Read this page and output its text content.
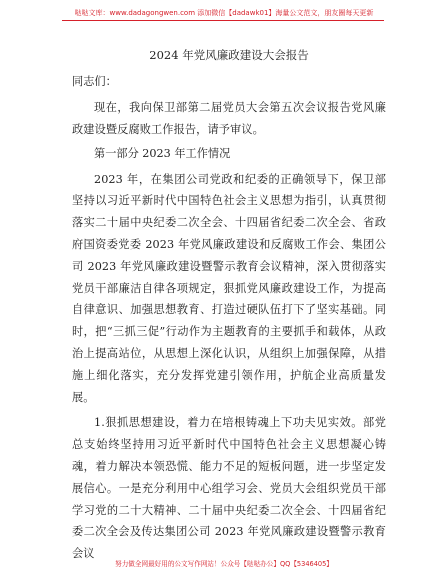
哒哒文库：www.dadagongwen.com 添加微信【dadawk01】海量公文范文，朋友圈每天更新
2024 年党风廉政建设大会报告
同志们：

现在，我向保卫部第二届党员大会第五次会议报告党风廉政建设暨反腐败工作报告，请予审议。

第一部分 2023 年工作情况

2023 年，在集团公司党政和纪委的正确领导下，保卫部坚持以习近平新时代中国特色社会主义思想为指引，认真贯彻落实二十届中央纪委二次全会、十四届省纪委二次全会、省政府国资委党委 2023 年党风廉政建设和反腐败工作会、集团公司 2023 年党风廉政建设暨警示教育会议精神，深入贯彻落实党员干部廉洁自律各项规定，狠抓党风廉政建设工作，为提高自律意识、加强思想教育、打造过硬队伍打下了坚实基础。同时，把“三抓三促”行动作为主题教育的主要抓手和载体，从政治上提高站位，从思想上深化认识，从组织上加强保障，从措施上细化落实，充分发挥党建引领作用，护航企业高质量发展。

1.狠抓思想建设，着力在培根铸魂上下功夫见实效。部党总支始终坚持用习近平新时代中国特色社会主义思想凝心铸魂，着力解决本领恐慌、能力不足的短板问题，进一步坚定发展信心。一是充分利用中心组学习会、党员大会组织党员干部学习党的二十大精神、二十届中央纪委二次全会、十四届省纪委二次全会及传达集团公司 2023 年党风廉政建设暨警示教育会议

努力做全网最好用的公文写作网站！公众号【哒哒办公】QQ【5346405】
